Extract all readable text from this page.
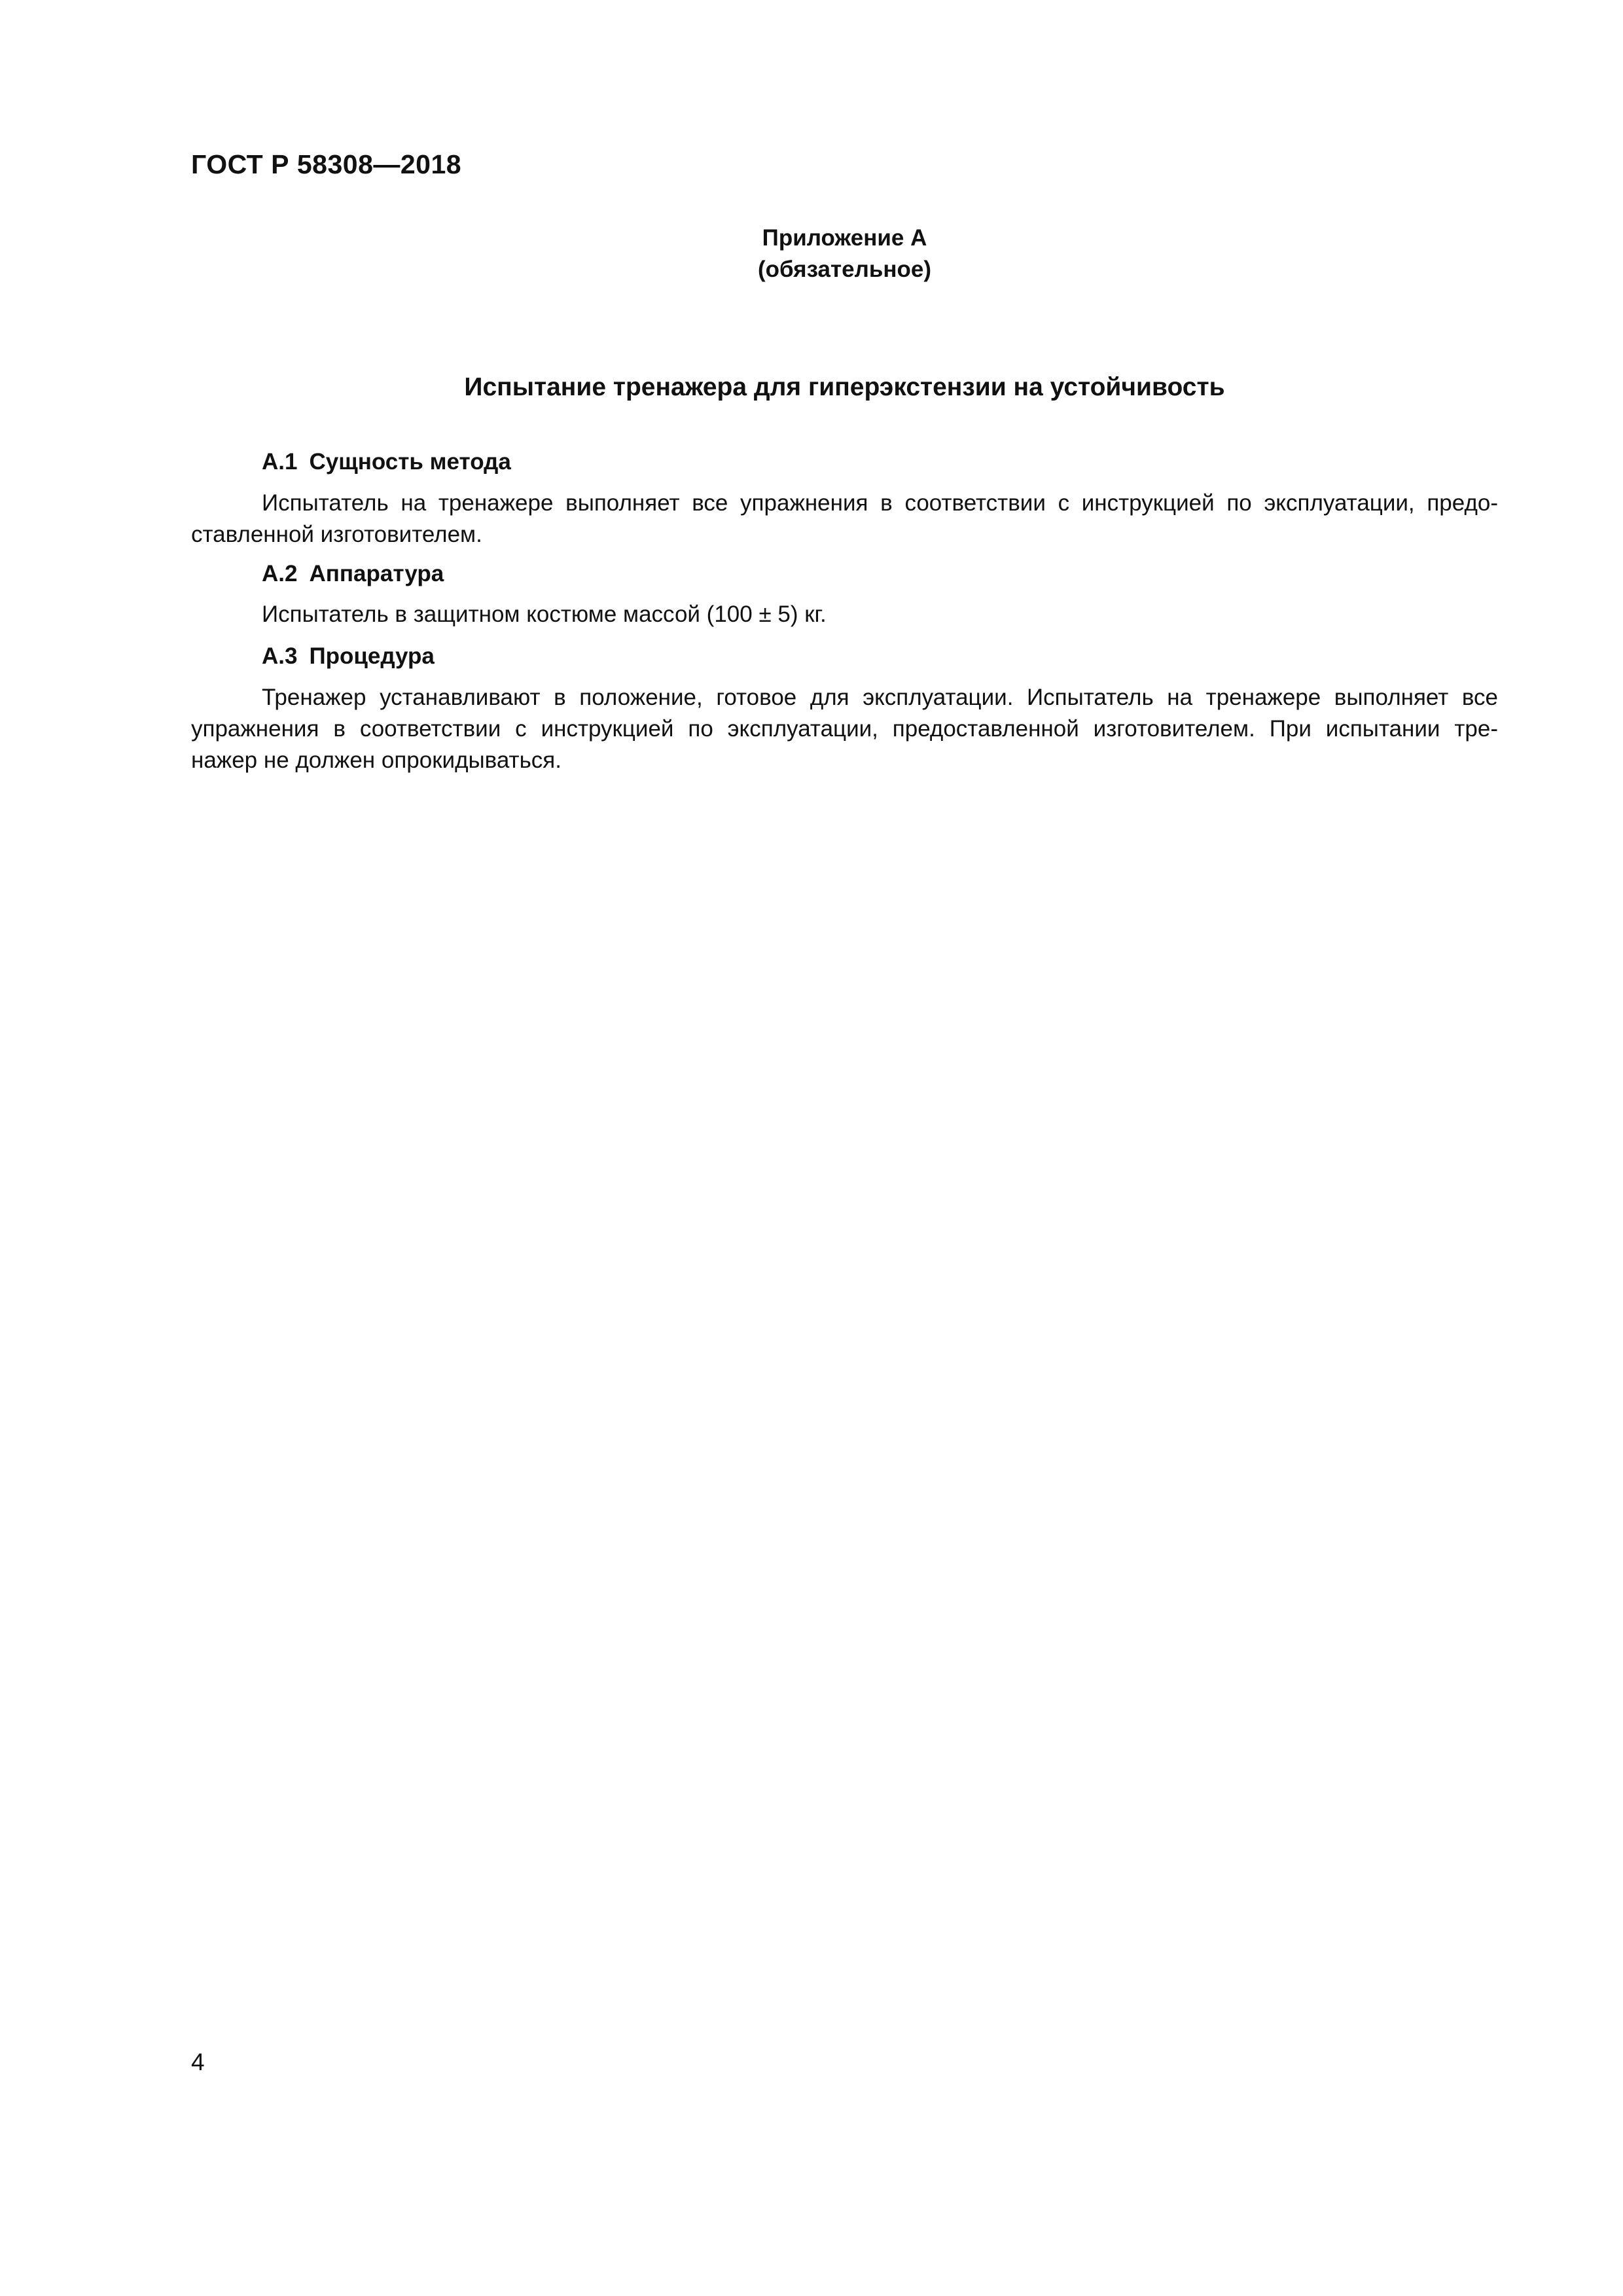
ГОСТ Р 58308—2018
Приложение А
(обязательное)
Испытание тренажера для гиперэкстензии на устойчивость
А.1 Сущность метода
Испытатель на тренажере выполняет все упражнения в соответствии с инструкцией по эксплуатации, предо-
ставленной изготовителем.
А.2 Аппаратура
Испытатель в защитном костюме массой (100 ± 5) кг.
А.3 Процедура
Тренажер устанавливают в положение, готовое для эксплуатации. Испытатель на тренажере выполняет все
упражнения в соответствии с инструкцией по эксплуатации, предоставленной изготовителем. При испытании тре-
нажер не должен опрокидываться.
4
